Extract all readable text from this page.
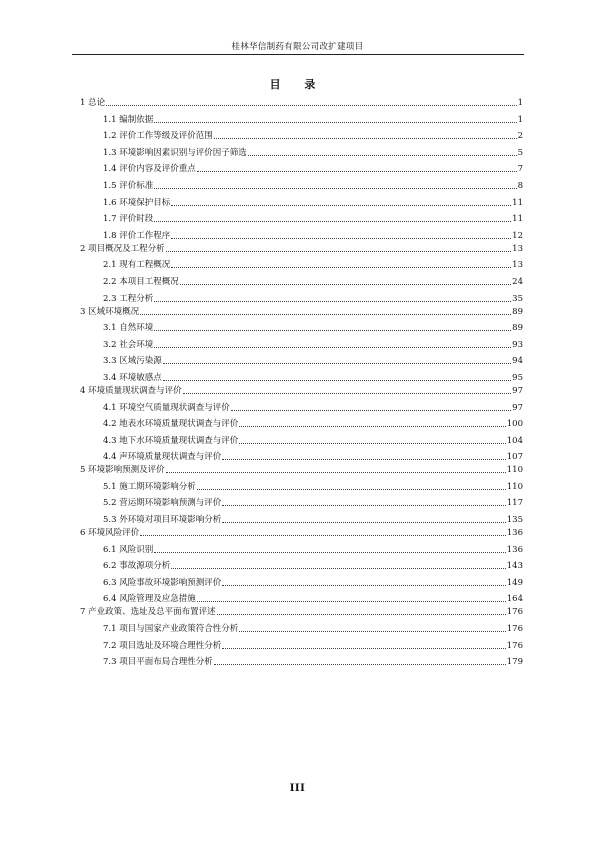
桂林华信制药有限公司改扩建项目
目 录
1 总论	1
1.1 编制依据	1
1.2 评价工作等级及评价范围	2
1.3 环境影响因素识别与评价因子筛选	5
1.4 评价内容及评价重点	7
1.5 评价标准	8
1.6 环境保护目标	11
1.7 评价时段	11
1.8 评价工作程序	12
2 项目概况及工程分析	13
2.1 现有工程概况	13
2.2 本项目工程概况	24
2.3 工程分析	35
3 区域环境概况	89
3.1 自然环境	89
3.2 社会环境	93
3.3 区域污染源	94
3.4 环境敏感点	95
4 环境质量现状调查与评价	97
4.1 环境空气质量现状调查与评价	97
4.2 地表水环境质量现状调查与评价	100
4.3 地下水环境质量现状调查与评价	104
4.4 声环境质量现状调查与评价	107
5 环境影响预测及评价	110
5.1 施工期环境影响分析	110
5.2 营运期环境影响预测与评价	117
5.3 外环境对项目环境影响分析	135
6 环境风险评价	136
6.1 风险识别	136
6.2 事故源项分析	143
6.3 风险事故环境影响预测评价	149
6.4 风险管理及应急措施	164
7 产业政策、选址及总平面布置评述	176
7.1 项目与国家产业政策符合性分析	176
7.2 项目选址及环境合理性分析	176
7.3 项目平面布局合理性分析	179
III
